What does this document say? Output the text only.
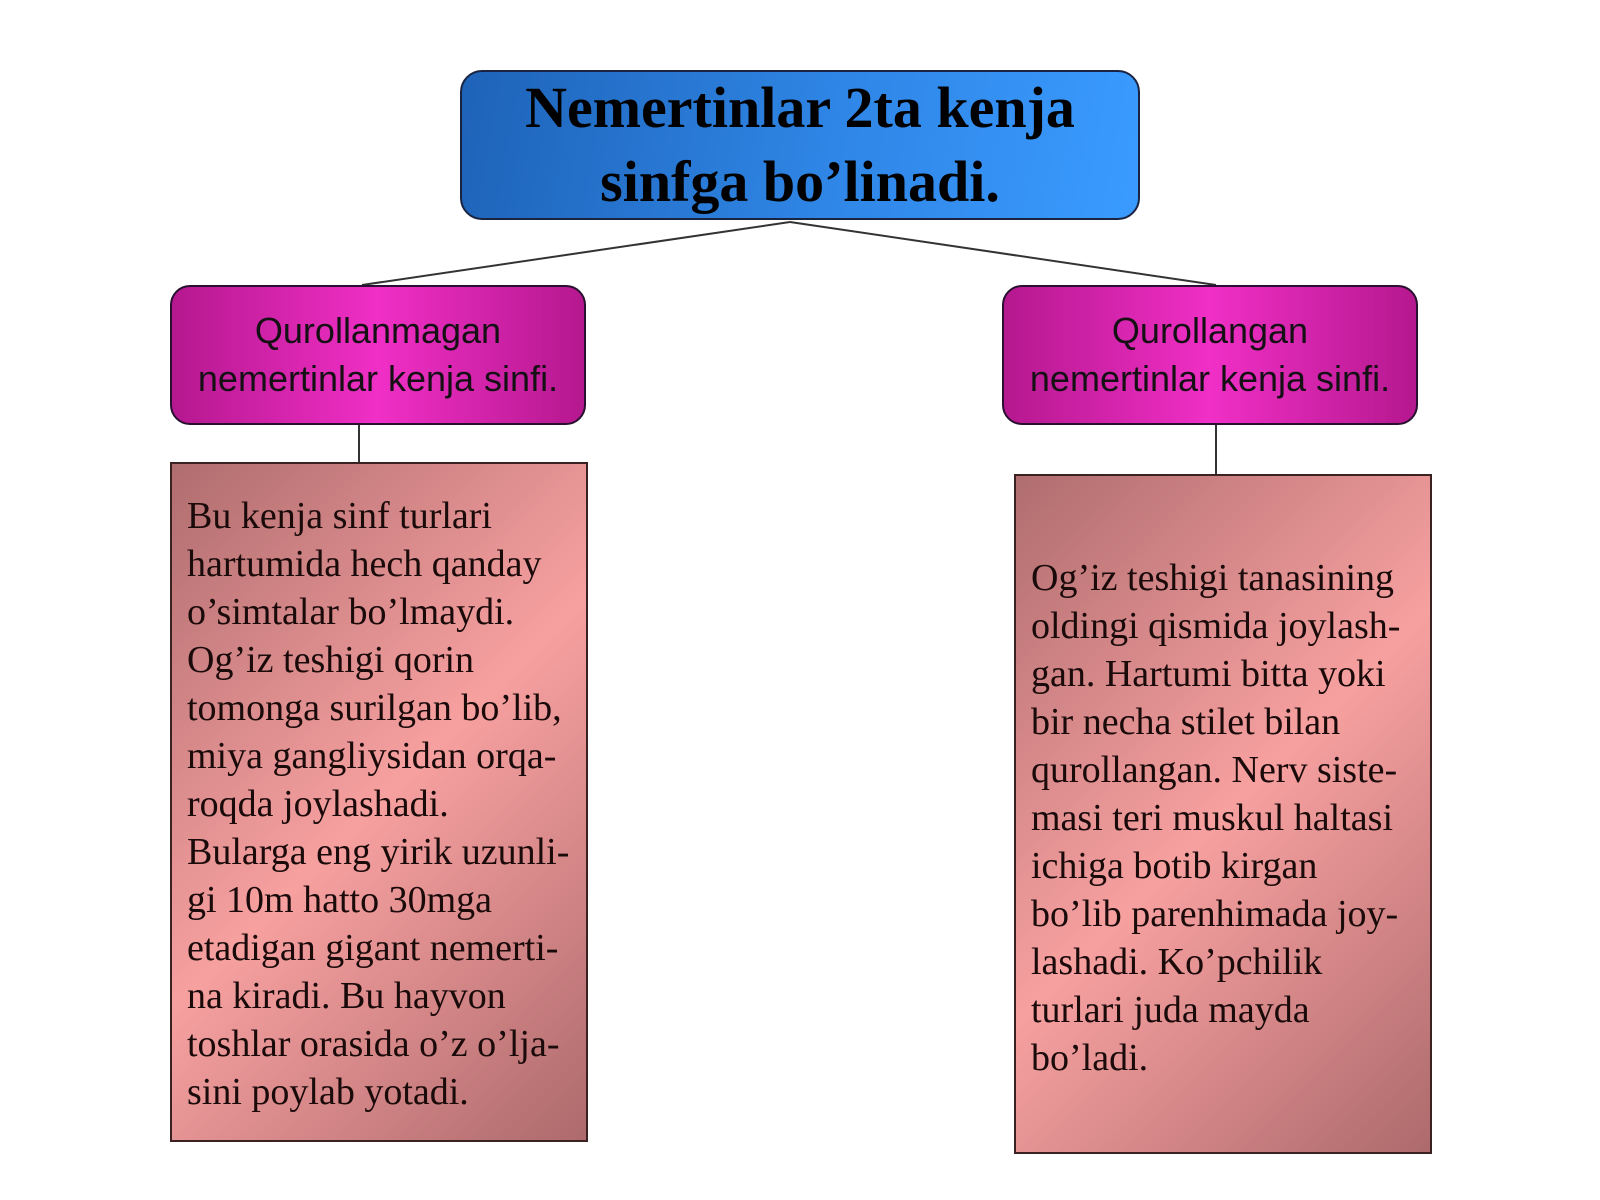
Nemertinlar 2ta kenja
sinfga bo’linadi.
Qurollanmagan
nemertinlar kenja sinfi.
Qurollangan
nemertinlar kenja sinfi.
Bu kenja sinf turlari
hartumida hech qanday
o’simtalar bo’lmaydi.
Og’iz teshigi qorin
tomonga surilgan bo’lib,
miya gangliysidan orqa-
roqda joylashadi.
Bularga eng yirik uzunli-
gi 10m hatto 30mga
etadigan gigant nemerti-
na kiradi. Bu hayvon
toshlar orasida o’z o’lja-
sini poylab yotadi.
Og’iz teshigi tanasining
oldingi qismida joylash-
gan. Hartumi bitta yoki
bir necha stilet bilan
qurollangan. Nerv siste-
masi teri muskul haltasi
ichiga botib kirgan
bo’lib parenhimada joy-
lashadi. Ko’pchilik
turlari juda mayda
bo’ladi.
